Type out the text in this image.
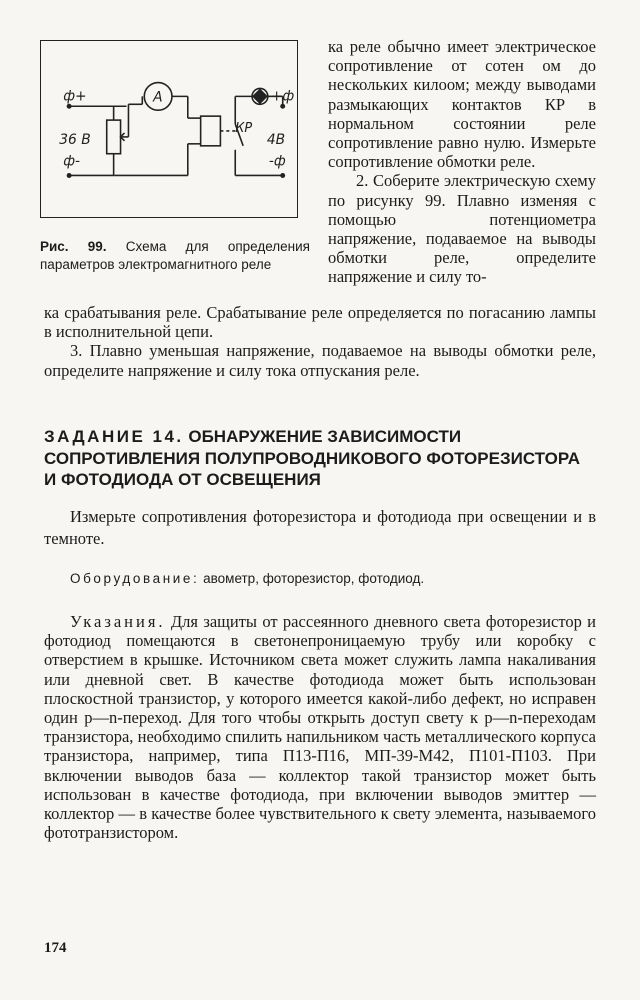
ф+
36 В
ф-
A
КР
+ф
4В
-ф
Рис. 99. Схема для определения параметров электромагнитного реле

ка реле обычно имеет электрическое сопротивление от сотен ом до нескольких килоом; между выводами размыкающих контактов КР в нормальном состоянии реле сопротивление равно нулю. Измерьте сопротивление обмотки реле.

2. Соберите электрическую схему по рисунку 99. Плавно изменяя с помощью потенциометра напряжение, подаваемое на выводы обмотки реле, определите напряжение и силу то-

ка срабатывания реле. Срабатывание реле определяется по погасанию лампы в исполнительной цепи.

3. Плавно уменьшая напряжение, подаваемое на выводы обмотки реле, определите напряжение и силу тока отпускания реле.

ЗАДАНИЕ 14. ОБНАРУЖЕНИЕ ЗАВИСИМОСТИ СОПРОТИВЛЕНИЯ ПОЛУПРОВОДНИКОВОГО ФОТОРЕЗИСТОРА И ФОТОДИОДА ОТ ОСВЕЩЕНИЯ

Измерьте сопротивления фоторезистора и фотодиода при освещении и в темноте.

Оборудование: авометр, фоторезистор, фотодиод.

Указания. Для защиты от рассеянного дневного света фоторезистор и фотодиод помещаются в светонепроницаемую трубу или коробку с отверстием в крышке. Источником света может служить лампа накаливания или дневной свет. В качестве фотодиода может быть использован плоскостной транзистор, у которого имеется какой-либо дефект, но исправен один p—n-переход. Для того чтобы открыть доступ свету к p—n-переходам транзистора, необходимо спилить напильником часть металлического корпуса транзистора, например, типа П13-П16, МП-39-М42, П101-П103. При включении выводов база — коллектор такой транзистор может быть использован в качестве фотодиода, при включении выводов эмиттер — коллектор — в качестве более чувствительного к свету элемента, называемого фототранзистором.

174
